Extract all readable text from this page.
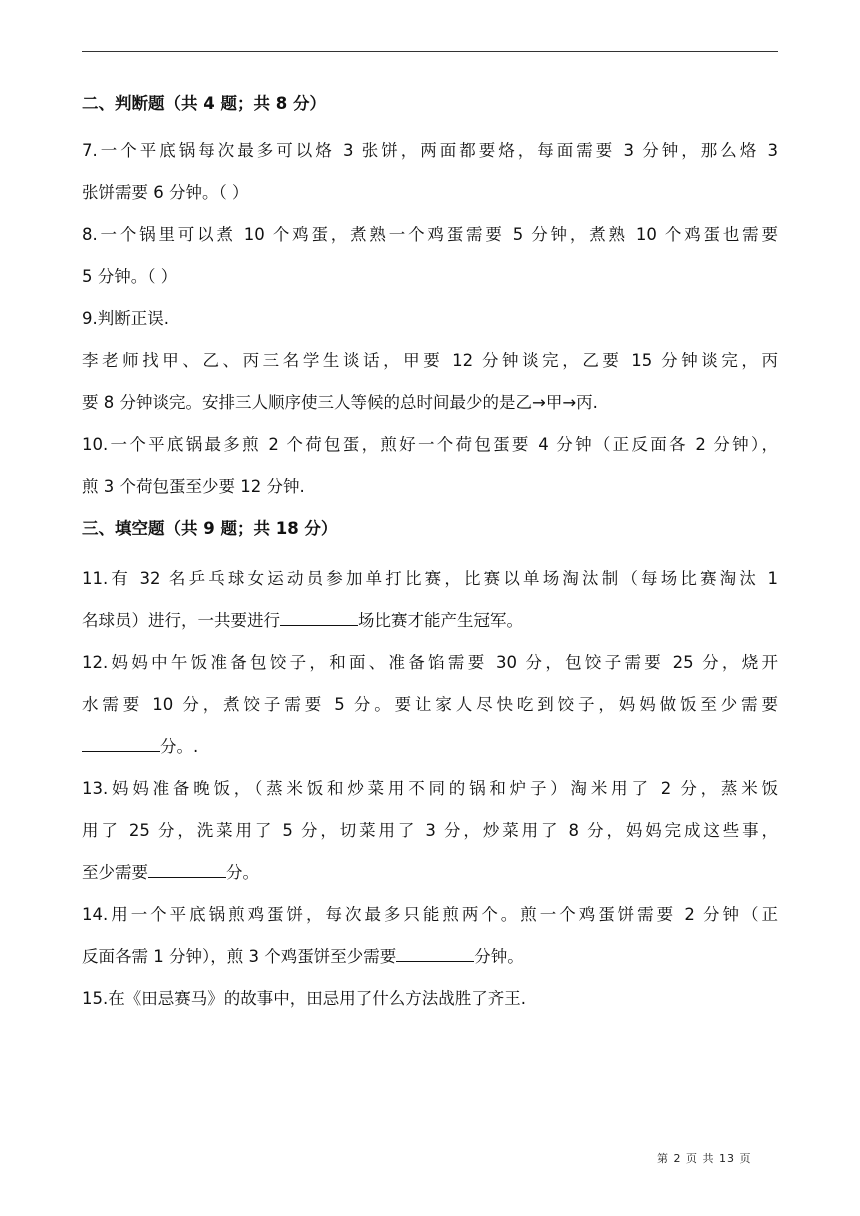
二、判断题（共 4 题；共 8 分）
7.一个平底锅每次最多可以烙 3 张饼，两面都要烙，每面需要 3 分钟，那么烙 3
张饼需要 6 分钟。（ ）
8.一个锅里可以煮 10 个鸡蛋，煮熟一个鸡蛋需要 5 分钟，煮熟 10 个鸡蛋也需要
5 分钟。（ ）
9.判断正误.
李老师找甲、乙、丙三名学生谈话，甲要 12 分钟谈完，乙要 15 分钟谈完，丙
要 8 分钟谈完。安排三人顺序使三人等候的总时间最少的是乙→甲→丙.
10.一个平底锅最多煎 2 个荷包蛋，煎好一个荷包蛋要 4 分钟（正反面各 2 分钟），
煎 3 个荷包蛋至少要 12 分钟.
三、填空题（共 9 题；共 18 分）
11.有 32 名乒乓球女运动员参加单打比赛，比赛以单场淘汰制（每场比赛淘汰 1
名球员）进行，一共要进行	场比赛才能产生冠军。
12.妈妈中午饭准备包饺子，和面、准备馅需要 30 分，包饺子需要 25 分，烧开
水需要 10 分，煮饺子需要 5 分。要让家人尽快吃到饺子，妈妈做饭至少需要
分。.
13.妈妈准备晚饭，（蒸米饭和炒菜用不同的锅和炉子）淘米用了 2 分，蒸米饭
用了 25 分，洗菜用了 5 分，切菜用了 3 分，炒菜用了 8 分，妈妈完成这些事，
至少需要	分。
14.用一个平底锅煎鸡蛋饼，每次最多只能煎两个。煎一个鸡蛋饼需要 2 分钟（正
反面各需 1 分钟），煎 3 个鸡蛋饼至少需要	分钟。
15.在《田忌赛马》的故事中，田忌用了什么方法战胜了齐王.
第 2 页 共 13 页
